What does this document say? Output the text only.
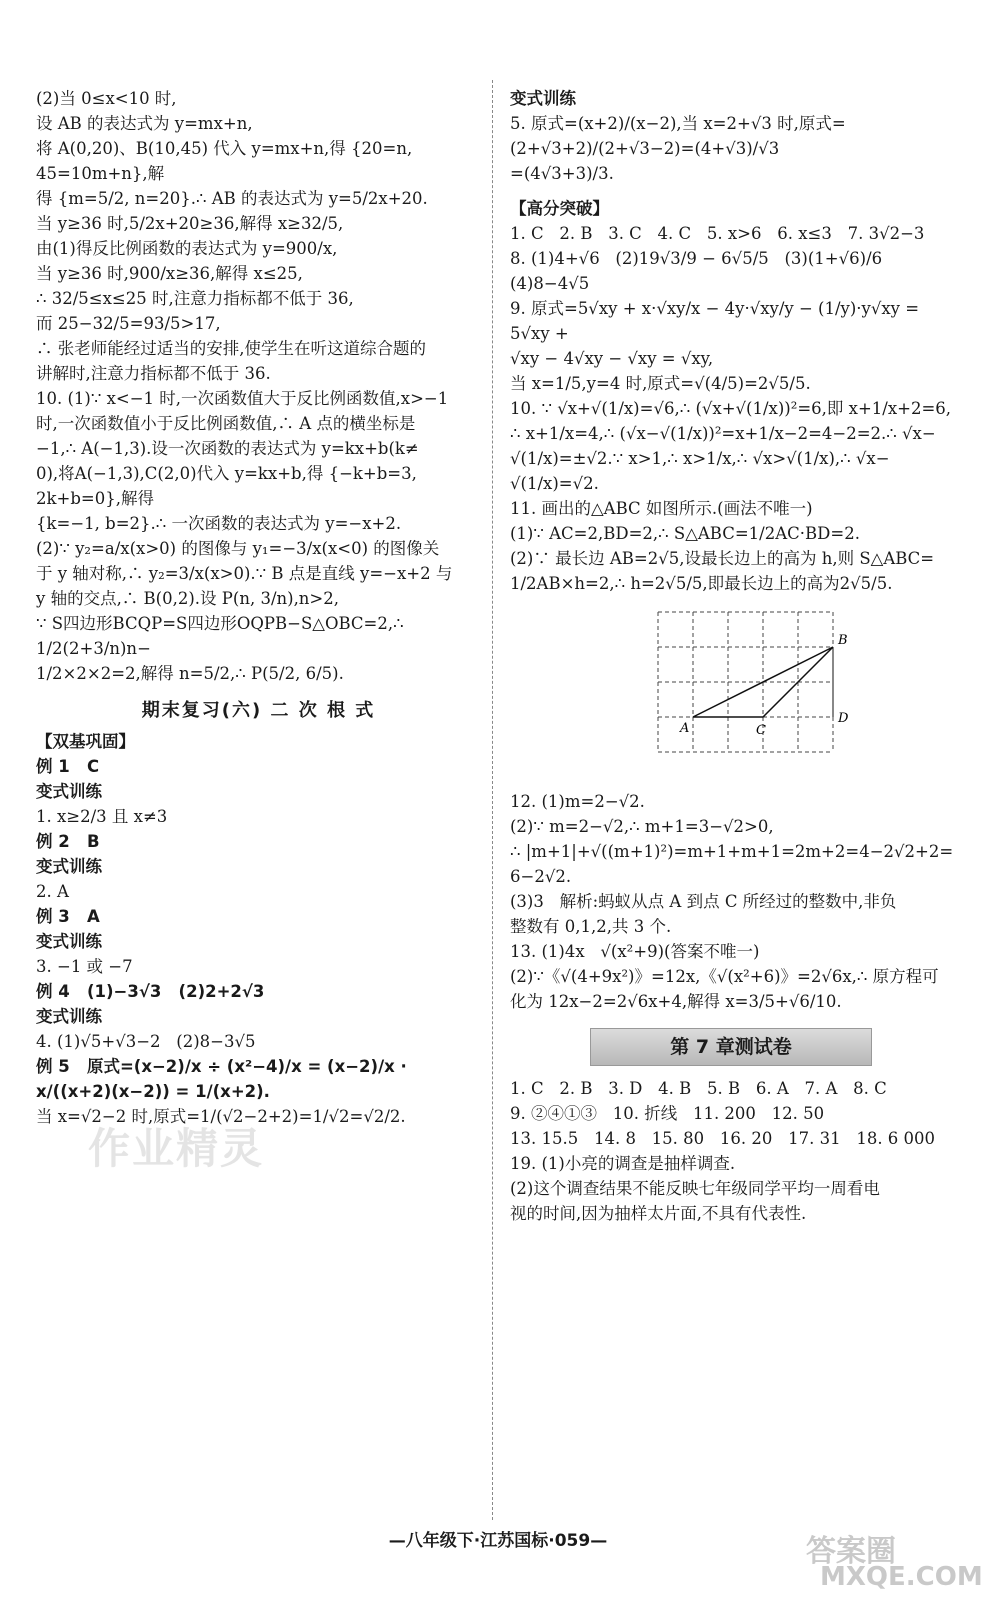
(2)当 0≤x<10 时,
设 AB 的表达式为 y=mx+n,
将 A(0,20)、B(10,45) 代入 y=mx+n,得 {20=n, 45=10m+n},解
得 {m=5/2, n=20}.∴ AB 的表达式为 y=5/2x+20.
当 y≥36 时,5/2x+20≥36,解得 x≥32/5,
由(1)得反比例函数的表达式为 y=900/x,
当 y≥36 时,900/x≥36,解得 x≤25,
∴ 32/5≤x≤25 时,注意力指标都不低于 36,
而 25−32/5=93/5>17,
∴ 张老师能经过适当的安排,使学生在听这道综合题的
讲解时,注意力指标都不低于 36.
10. (1)∵ x<−1 时,一次函数值大于反比例函数值,x>−1
时,一次函数值小于反比例函数值,∴ A 点的横坐标是
−1,∴ A(−1,3).设一次函数的表达式为 y=kx+b(k≠
0),将A(−1,3),C(2,0)代入 y=kx+b,得 {−k+b=3, 2k+b=0},解得
{k=−1, b=2}.∴ 一次函数的表达式为 y=−x+2.
(2)∵ y₂=a/x(x>0) 的图像与 y₁=−3/x(x<0) 的图像关
于 y 轴对称,∴ y₂=3/x(x>0).∵ B 点是直线 y=−x+2 与
y 轴的交点,∴ B(0,2).设 P(n, 3/n),n>2,
∵ S四边形BCQP=S四边形OQPB−S△OBC=2,∴ 1/2(2+3/n)n−
1/2×2×2=2,解得 n=5/2,∴ P(5/2, 6/5).
期末复习(六) 二 次 根 式
【双基巩固】
例 1   C
变式训练
1. x≥2/3 且 x≠3
例 2   B
变式训练
2. A
例 3   A
变式训练
3. −1 或 −7
例 4   (1)−3√3   (2)2+2√3
变式训练
4. (1)√5+√3−2   (2)8−3√5
例 5   原式=(x−2)/x ÷ (x²−4)/x = (x−2)/x · x/((x+2)(x−2)) = 1/(x+2).
当 x=√2−2 时,原式=1/(√2−2+2)=1/√2=√2/2.
变式训练
5. 原式=(x+2)/(x−2),当 x=2+√3 时,原式=(2+√3+2)/(2+√3−2)=(4+√3)/√3
=(4√3+3)/3.
【高分突破】
1. C   2. B   3. C   4. C   5. x>6   6. x≤3   7. 3√2−3
8. (1)4+√6   (2)19√3/9 − 6√5/5   (3)(1+√6)/6   (4)8−4√5
9. 原式=5√xy + x·√xy/x − 4y·√xy/y − (1/y)·y√xy = 5√xy +
√xy − 4√xy − √xy = √xy,
当 x=1/5,y=4 时,原式=√(4/5)=2√5/5.
10. ∵ √x+√(1/x)=√6,∴ (√x+√(1/x))²=6,即 x+1/x+2=6,
∴ x+1/x=4,∴ (√x−√(1/x))²=x+1/x−2=4−2=2.∴ √x−
√(1/x)=±√2.∵ x>1,∴ x>1/x,∴ √x>√(1/x),∴ √x−
√(1/x)=√2.
11. 画出的△ABC 如图所示.(画法不唯一)
(1)∵ AC=2,BD=2,∴ S△ABC=1/2AC·BD=2.
(2)∵ 最长边 AB=2√5,设最长边上的高为 h,则 S△ABC=
1/2AB×h=2,∴ h=2√5/5,即最长边上的高为2√5/5.
A	C
B
D
12. (1)m=2−√2.
(2)∵ m=2−√2,∴ m+1=3−√2>0,
∴ |m+1|+√((m+1)²)=m+1+m+1=2m+2=4−2√2+2=
6−2√2.
(3)3   解析:蚂蚁从点 A 到点 C 所经过的整数中,非负
整数有 0,1,2,共 3 个.
13. (1)4x   √(x²+9)(答案不唯一)
(2)∵《√(4+9x²)》=12x,《√(x²+6)》=2√6x,∴ 原方程可
化为 12x−2=2√6x+4,解得 x=3/5+√6/10.
第 7 章测试卷
1. C   2. B   3. D   4. B   5. B   6. A   7. A   8. C
9. ②④①③   10. 折线   11. 200   12. 50
13. 15.5   14. 8   15. 80   16. 20   17. 31   18. 6 000
19. (1)小亮的调查是抽样调查.
(2)这个调查结果不能反映七年级同学平均一周看电
视的时间,因为抽样太片面,不具有代表性.
—八年级下·江苏国标·059—
作业精灵
答案圈
MXQE.COM
